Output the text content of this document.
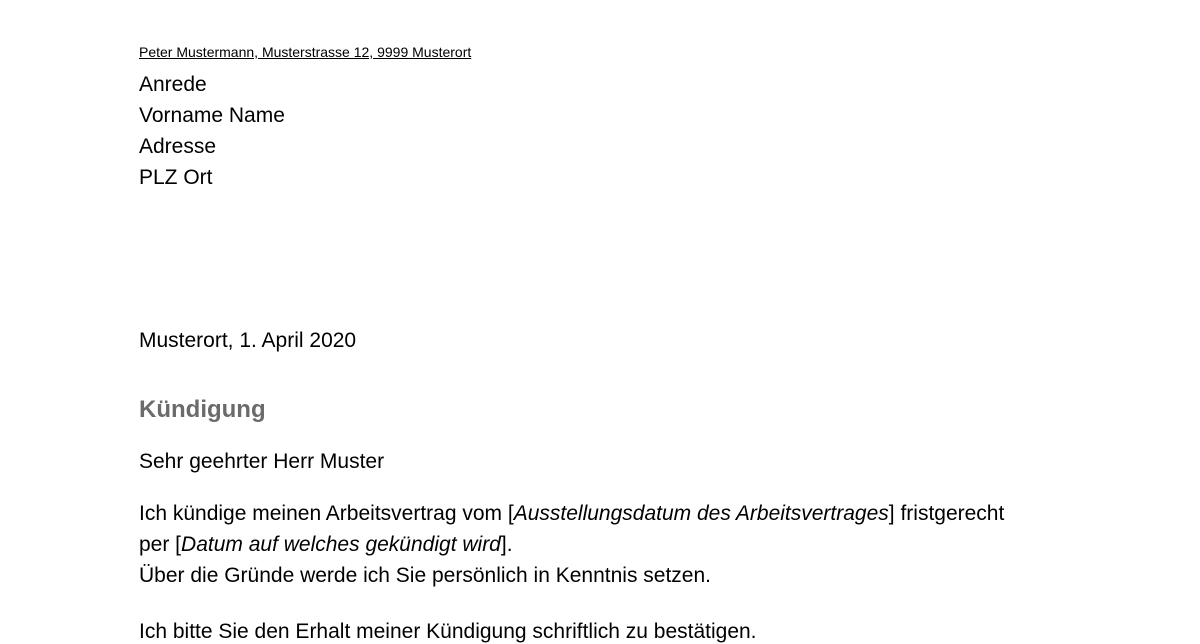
Peter Mustermann, Musterstrasse 12, 9999 Musterort
Anrede
Vorname Name
Adresse
PLZ Ort
Musterort, 1. April 2020
Kündigung
Sehr geehrter Herr Muster
Ich kündige meinen Arbeitsvertrag vom [Ausstellungsdatum des Arbeitsvertrages] fristgerecht
per [Datum auf welches gekündigt wird].
Über die Gründe werde ich Sie persönlich in Kenntnis setzen.
Ich bitte Sie den Erhalt meiner Kündigung schriftlich zu bestätigen.
